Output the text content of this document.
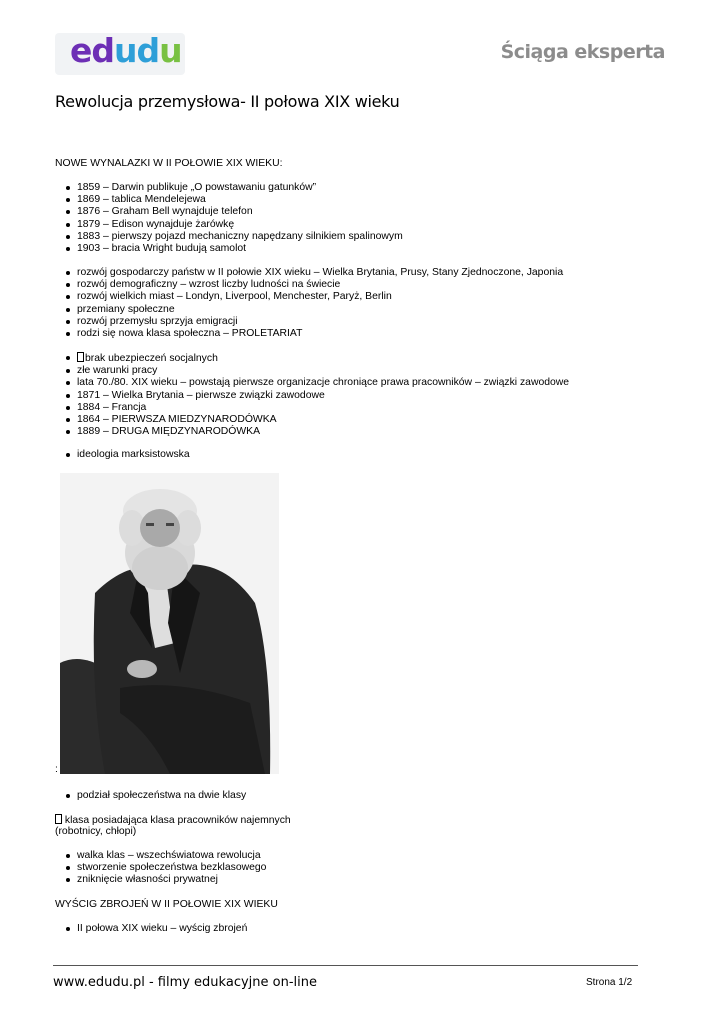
edudu	Ściąga eksperta
Rewolucja przemysłowa- II połowa XIX wieku
NOWE WYNALAZKI W II POŁOWIE XIX WIEKU:
1859 – Darwin publikuje „O powstawaniu gatunków”
1869 – tablica Mendelejewa
1876 – Graham Bell wynajduje telefon
1879 – Edison wynajduje żarówkę
1883 – pierwszy pojazd mechaniczny napędzany silnikiem spalinowym
1903 – bracia Wright budują samolot
rozwój gospodarczy państw w II połowie XIX wieku – Wielka Brytania, Prusy, Stany Zjednoczone, Japonia
rozwój demograficzny – wzrost liczby ludności na świecie
rozwój wielkich miast – Londyn, Liverpool, Menchester, Paryż, Berlin
przemiany społeczne
rozwój przemysłu sprzyja emigracji
rodzi się nowa klasa społeczna – PROLETARIAT
brak ubezpieczeń socjalnych
złe warunki pracy
lata 70./80. XIX wieku – powstają pierwsze organizacje chroniące prawa pracowników – związki zawodowe
1871 – Wielka Brytania – pierwsze związki zawodowe
1884 – Francja
1864 – PIERWSZA MIEDZYNARODÓWKA
1889 – DRUGA MIĘDZYNARODÓWKA
ideologia marksistowska
:
podział społeczeństwa na dwie klasy
klasa posiadająca klasa pracowników najemnych
(robotnicy, chłopi)
walka klas – wszechświatowa rewolucja
stworzenie społeczeństwa bezklasowego
zniknięcie własności prywatnej
WYŚCIG ZBROJEŃ W II POŁOWIE XIX WIEKU
II połowa XIX wieku – wyścig zbrojeń
www.edudu.pl - filmy edukacyjne on-line	Strona 1/2
